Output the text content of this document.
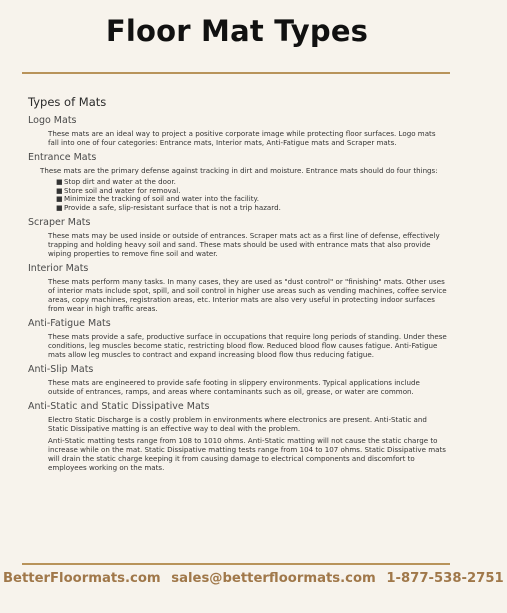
Floor Mat Types
Types of Mats
Logo Mats
These mats are an ideal way to project a positive corporate image while protecting floor surfaces. Logo mats fall into one of four categories: Entrance mats, Interior mats, Anti-Fatigue mats and Scraper mats.
Entrance Mats
These mats are the primary defense against tracking in dirt and moisture. Entrance mats should do four things:
■ Stop dirt and water at the door.
■ Store soil and water for removal.
■ Minimize the tracking of soil and water into the facility.
■ Provide a safe, slip-resistant surface that is not a trip hazard.
Scraper Mats
These mats may be used inside or outside of entrances. Scraper mats act as a first line of defense, effectively trapping and holding heavy soil and sand. These mats should be used with entrance mats that also provide wiping properties to remove fine soil and water.
Interior Mats
These mats perform many tasks. In many cases, they are used as "dust control" or "finishing" mats. Other uses of interior mats include spot, spill, and soil control in higher use areas such as vending machines, coffee service areas, copy machines, registration areas, etc. Interior mats are also very useful in protecting indoor surfaces from wear in high traffic areas.
Anti-Fatigue Mats
These mats provide a safe, productive surface in occupations that require long periods of standing. Under these conditions, leg muscles become static, restricting blood flow. Reduced blood flow causes fatigue. Anti-Fatigue mats allow leg muscles to contract and expand increasing blood flow thus reducing fatigue.
Anti-Slip Mats
These mats are engineered to provide safe footing in slippery environments. Typical applications include outside of entrances, ramps, and areas where contaminants such as oil, grease, or water are common.
Anti-Static and Static Dissipative Mats
Electro Static Discharge is a costly problem in environments where electronics are present. Anti-Static and Static Dissipative matting is an effective way to deal with the problem.
Anti-Static matting tests range from 108 to 1010 ohms. Anti-Static matting will not cause the static charge to increase while on the mat. Static Dissipative matting tests range from 104 to 107 ohms. Static Dissipative mats will drain the static charge keeping it from causing damage to electrical components and discomfort to employees working on the mats.
BetterFloormats.com sales@betterfloormats.com 1-877-538-2751
